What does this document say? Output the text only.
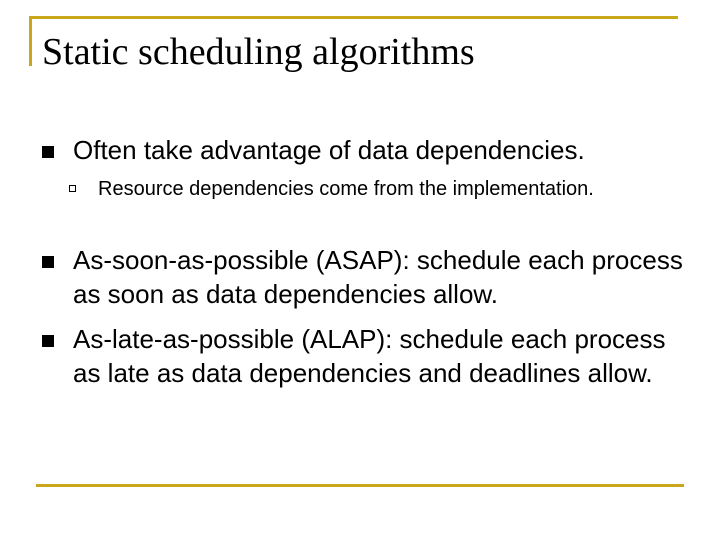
Static scheduling algorithms

Often take advantage of data dependencies.

Resource dependencies come from the implementation.

As-soon-as-possible (ASAP): schedule each process as soon as data dependencies allow.

As-late-as-possible (ALAP): schedule each process as late as data dependencies and deadlines allow.
